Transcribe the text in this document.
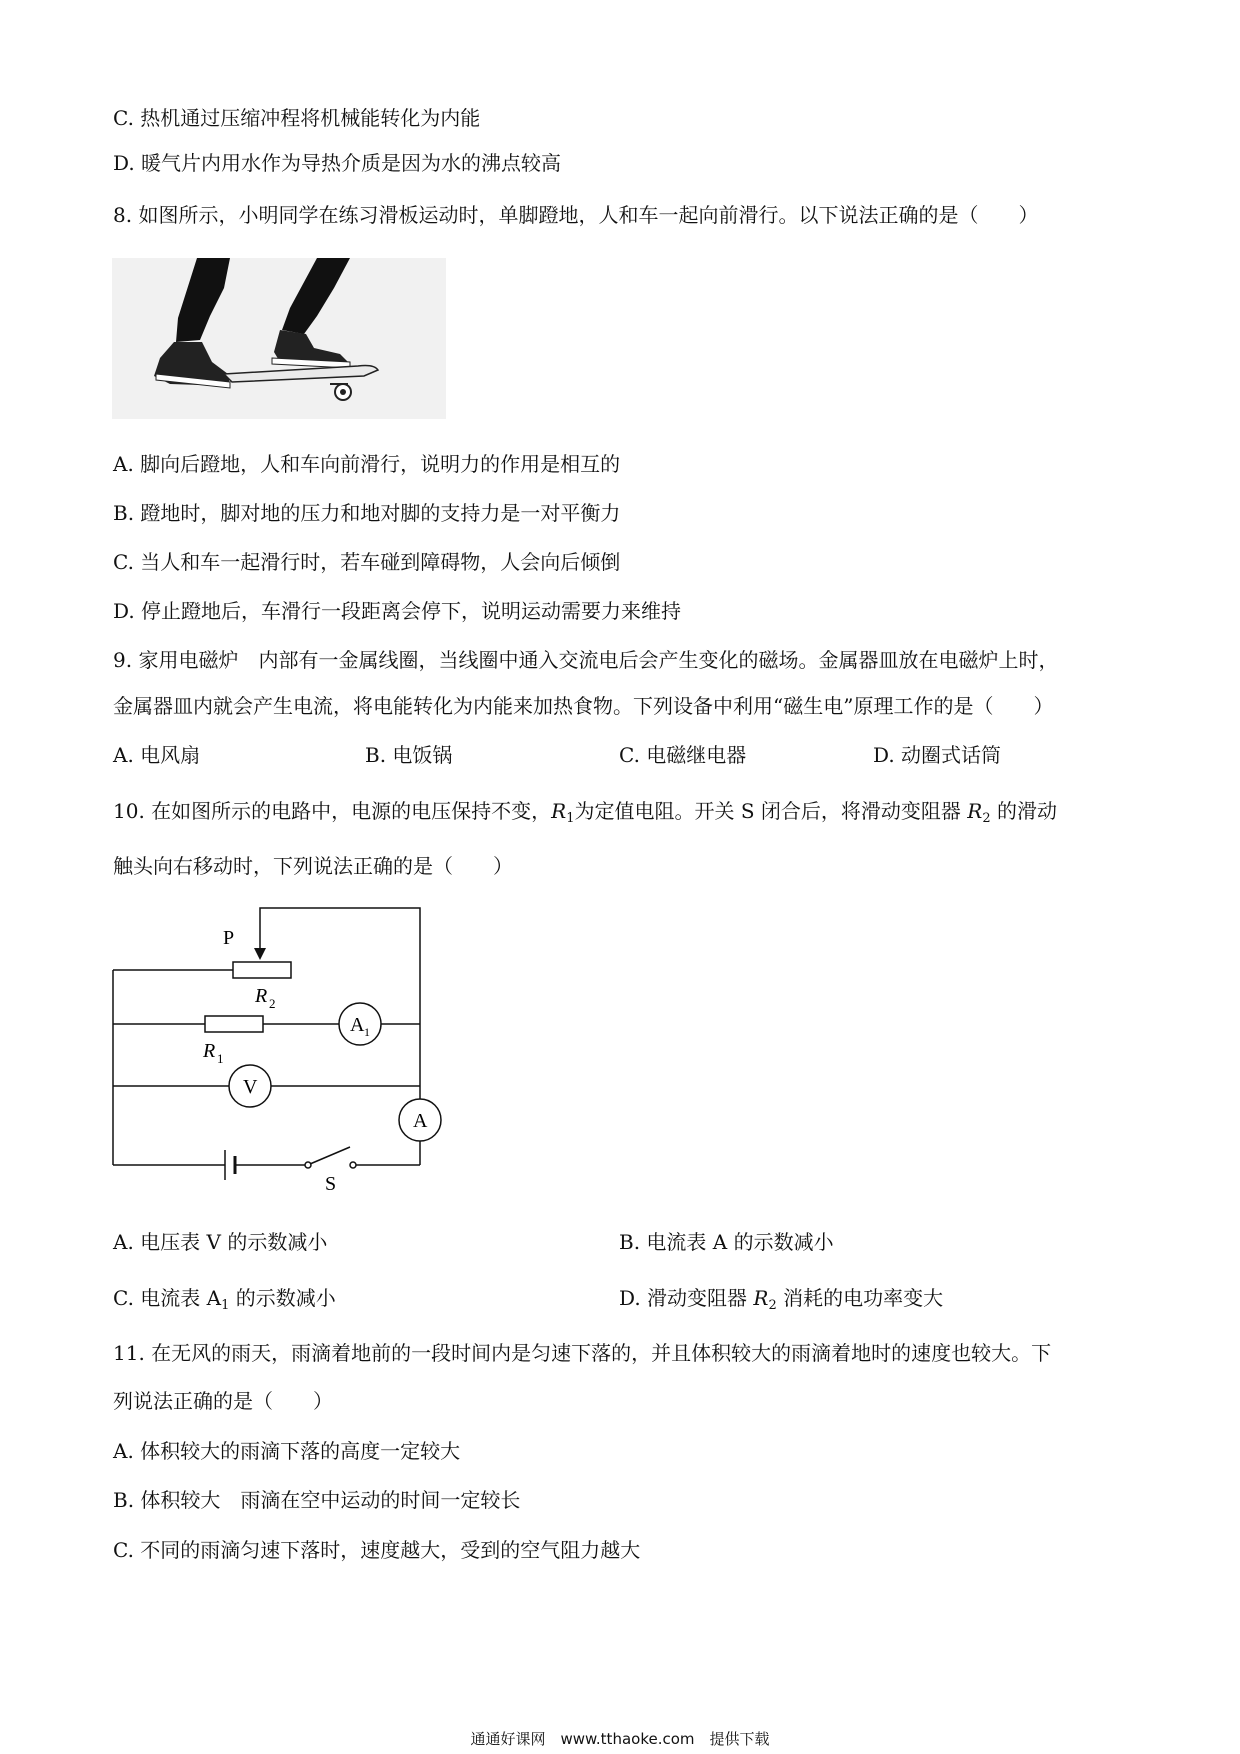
C. 热机通过压缩冲程将机械能转化为内能
D. 暖气片内用水作为导热介质是因为水的沸点较高
8. 如图所示，小明同学在练习滑板运动时，单脚蹬地，人和车一起向前滑行。以下说法正确的是（　　）
A. 脚向后蹬地，人和车向前滑行，说明力的作用是相互的
B. 蹬地时，脚对地的压力和地对脚的支持力是一对平衡力
C. 当人和车一起滑行时，若车碰到障碍物，人会向后倾倒
D. 停止蹬地后，车滑行一段距离会停下，说明运动需要力来维持
9. 家用电磁炉　内部有一金属线圈，当线圈中通入交流电后会产生变化的磁场。金属器皿放在电磁炉上时，
金属器皿内就会产生电流，将电能转化为内能来加热食物。下列设备中利用“磁生电”原理工作的是（　　）
A. 电风扇	B. 电饭锅	C. 电磁继电器	D. 动圈式话筒
10. 在如图所示的电路中，电源的电压保持不变，$R_1$为定值电阻。开关 S 闭合后，将滑动变阻器 $R_2$ 的滑动
触头向右移动时，下列说法正确的是（　　）
P
R 2
R 1
A 1
V
A
S
A. 电压表 V 的示数减小	B. 电流表 A 的示数减小
C. 电流表 $A_1$ 的示数减小	D. 滑动变阻器 $R_2$ 消耗的电功率变大
11. 在无风的雨天，雨滴着地前的一段时间内是匀速下落的，并且体积较大的雨滴着地时的速度也较大。下
列说法正确的是（　　）
A. 体积较大的雨滴下落的高度一定较大
B. 体积较大　雨滴在空中运动的时间一定较长
C. 不同的雨滴匀速下落时，速度越大，受到的空气阻力越大
通通好课网　www.tthaoke.com　提供下载
